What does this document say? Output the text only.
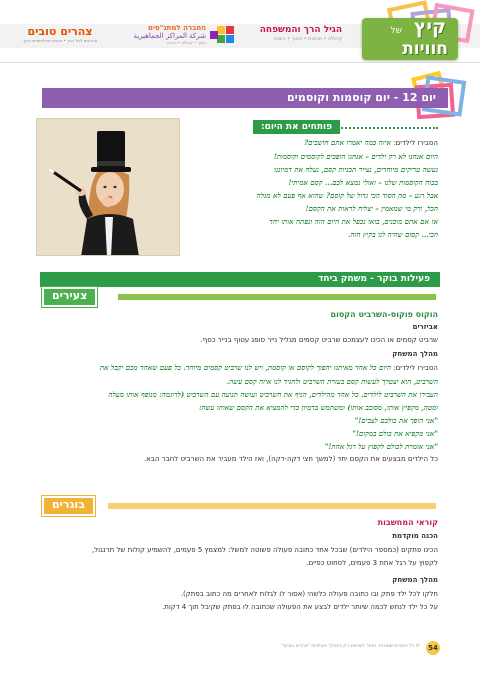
קיץ
של
חוויות
הגיל הרך והמשפחה
קהילה • תרבות • חינוך • רווחה
החברה למתנ"סים
شركة المراكز الجماهيرية
חינוך • קהילה • חברה
צהרים טובים
צהרונים לגיל הרך • תכנית יום לימודים ארוך
יום 12 - יום קוסמות וקוסמים
פותחים את היום:
הסבירו לילדים: איזה כמה יאמרו אתם חושבים?
היום אנחנו לא רק ילדים – אנחנו הופכים לקוסמים וקוסמות!
נעשה טריקים מיוחדים, נצייר תכניות קסם, נעלה את דמיוננו
בכוח הקוסמות שלנו – ואולי נמצא לכם... קסם אמיתי!
אבל רגע – מה הסוד הכי גדול של קוסם? שהוא אף פעם לא מגלה
הכל, ורק מי שמאמין – יצליח לראות את הקסם!
אז אם אתם מוכנים, בואו נכפל את היום הזה ונפתח אותו יחד
הכי... קסום שהיה לנו בקיץ הזה.
פעילות בוקר - משחק ביחד
צעירים
הוקוס פוקוס-השרביט הקסום
אביזרים
שרביט קסמים או הכינו לעצמכם שרביט קסמים מגליל נייר סופג עטוף בנייר כסף.
מהלך המשחק
הסבירו לילדים: היום כל אחד מאיתנו יהפוך לקוסם או קוסמת, ויש לנו שרביט קסמים מיוחד. כל פעם שאחד מכם יקבל את
השרביט, הוא יצטרך לעשות קסם בעזרת השרביט ולהגיד לנו איזה קסם עשה.
העבירו את השרביט לילדים. כל אחד מהילדים, הניף את השרביט ועושה תנועה עם השרביט (לדוגמה: מנופף אותו מעלה
ומטה, מקפיץ אותו, מסובב אותו) ומשתמש בדמיון כדי להמציא את הקסם שאותו עשה:
"אני הופך את כולכם לצבים!"
"אני מקפיא את כולם במקום!"
"אני אומרת לכולם לקפוץ על רגל אחת!"
כל הילדים מבצעים את הקסם יחד (למשך חצי דקה-דקה), ואז הילד מעביר את השרביט לחבר הבא.
בוגרים
קוראי המחשבות
הכנה מוקדמת
הכינו פתקים (כמספר הילדים) שבכל אחד כתובה פעולה פשוטה למשל: למצמץ 5 פעמים, להשמיע קולות של תרנגול,
לקפוץ על רגל אחת 3 פעמים, לסחוט כפיים.
מהלך המשחק
חלקו לכל ילד פתק ובו כתובה פעולה כלשהי (אסור לו לגלות לאחרים מה כתוב בפתק).
על כל ילד לנחש לכמה שיותר ילדים לבצע את הפעולה שכתובה לו בפתק שקיבל תוך 4 דקות.
54
© כל הזכויות שמורות. מותר לשימוש רק במהלך פעילויות "צהרים טובים"
